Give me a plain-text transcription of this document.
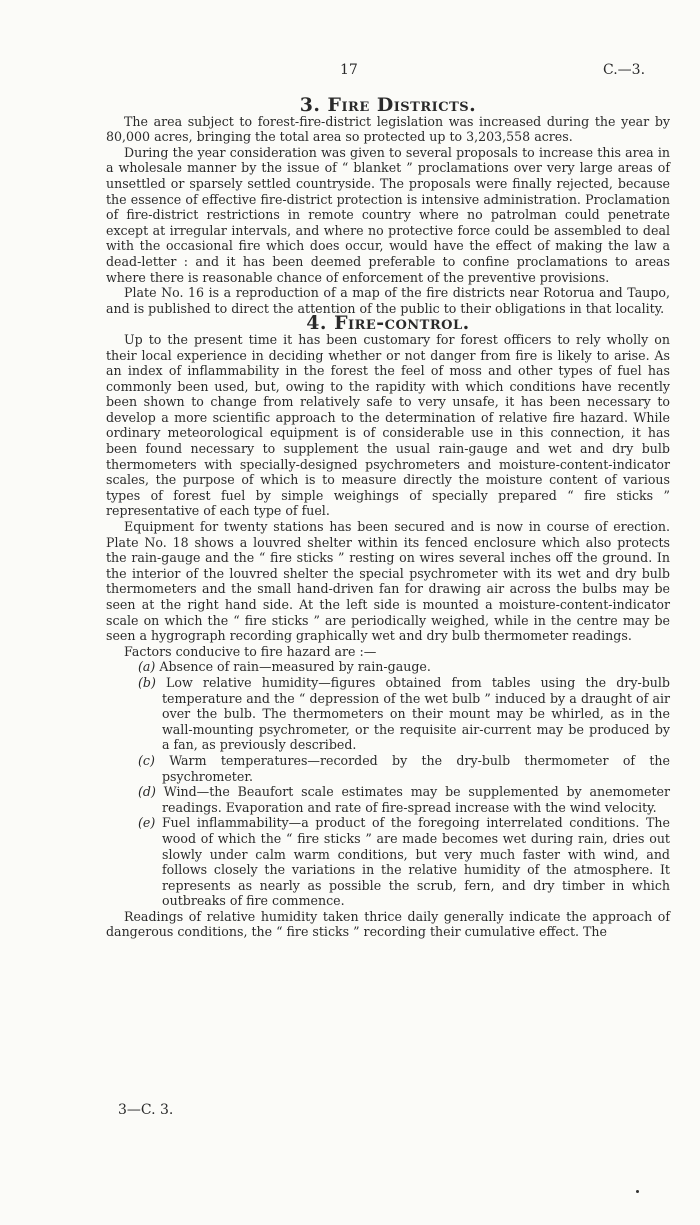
17	C.—3.
3. Fire Districts.

The area subject to forest-fire-district legislation was increased during the year by 80,000 acres, bringing the total area so protected up to 3,203,558 acres.

During the year consideration was given to several proposals to increase this area in a wholesale manner by the issue of “ blanket ” proclamations over very large areas of unsettled or sparsely settled countryside. The proposals were finally rejected, because the essence of effective fire-district protection is intensive administration. Proclamation of fire-district restrictions in remote country where no patrolman could penetrate except at irregular intervals, and where no protective force could be assembled to deal with the occasional fire which does occur, would have the effect of making the law a dead-letter : and it has been deemed preferable to confine proclamations to areas where there is reasonable chance of enforcement of the preventive provisions.

Plate No. 16 is a reproduction of a map of the fire districts near Rotorua and Taupo, and is published to direct the attention of the public to their obligations in that locality.

4. Fire-control.

Up to the present time it has been customary for forest officers to rely wholly on their local experience in deciding whether or not danger from fire is likely to arise. As an index of inflammability in the forest the feel of moss and other types of fuel has commonly been used, but, owing to the rapidity with which conditions have recently been shown to change from relatively safe to very unsafe, it has been necessary to develop a more scientific approach to the determination of relative fire hazard. While ordinary meteorological equipment is of considerable use in this connection, it has been found necessary to supplement the usual rain-gauge and wet and dry bulb thermometers with specially-designed psychrometers and moisture-content-indicator scales, the purpose of which is to measure directly the moisture content of various types of forest fuel by simple weighings of specially prepared “ fire sticks ” representative of each type of fuel.

Equipment for twenty stations has been secured and is now in course of erection. Plate No. 18 shows a louvred shelter within its fenced enclosure which also protects the rain-gauge and the “ fire sticks ” resting on wires several inches off the ground. In the interior of the louvred shelter the special psychrometer with its wet and dry bulb thermometers and the small hand-driven fan for drawing air across the bulbs may be seen at the right hand side. At the left side is mounted a moisture-content-indicator scale on which the “ fire sticks ” are periodically weighed, while in the centre may be seen a hygrograph recording graphically wet and dry bulb thermometer readings.

Factors conducive to fire hazard are :—

(a) Absence of rain—measured by rain-gauge.
(b) Low relative humidity—figures obtained from tables using the dry-bulb temperature and the “ depression of the wet bulb ” induced by a draught of air over the bulb. The thermometers on their mount may be whirled, as in the wall-mounting psychrometer, or the requisite air-current may be produced by a fan, as previously described.
(c) Warm temperatures—recorded by the dry-bulb thermometer of the psychrometer.
(d) Wind—the Beaufort scale estimates may be supplemented by anemometer readings. Evaporation and rate of fire-spread increase with the wind velocity.
(e) Fuel inflammability—a product of the foregoing interrelated conditions. The wood of which the “ fire sticks ” are made becomes wet during rain, dries out slowly under calm warm conditions, but very much faster with wind, and follows closely the variations in the relative humidity of the atmosphere. It represents as nearly as possible the scrub, fern, and dry timber in which outbreaks of fire commence.

Readings of relative humidity taken thrice daily generally indicate the approach of dangerous conditions, the “ fire sticks ” recording their cumulative effect. The

3—C. 3.
